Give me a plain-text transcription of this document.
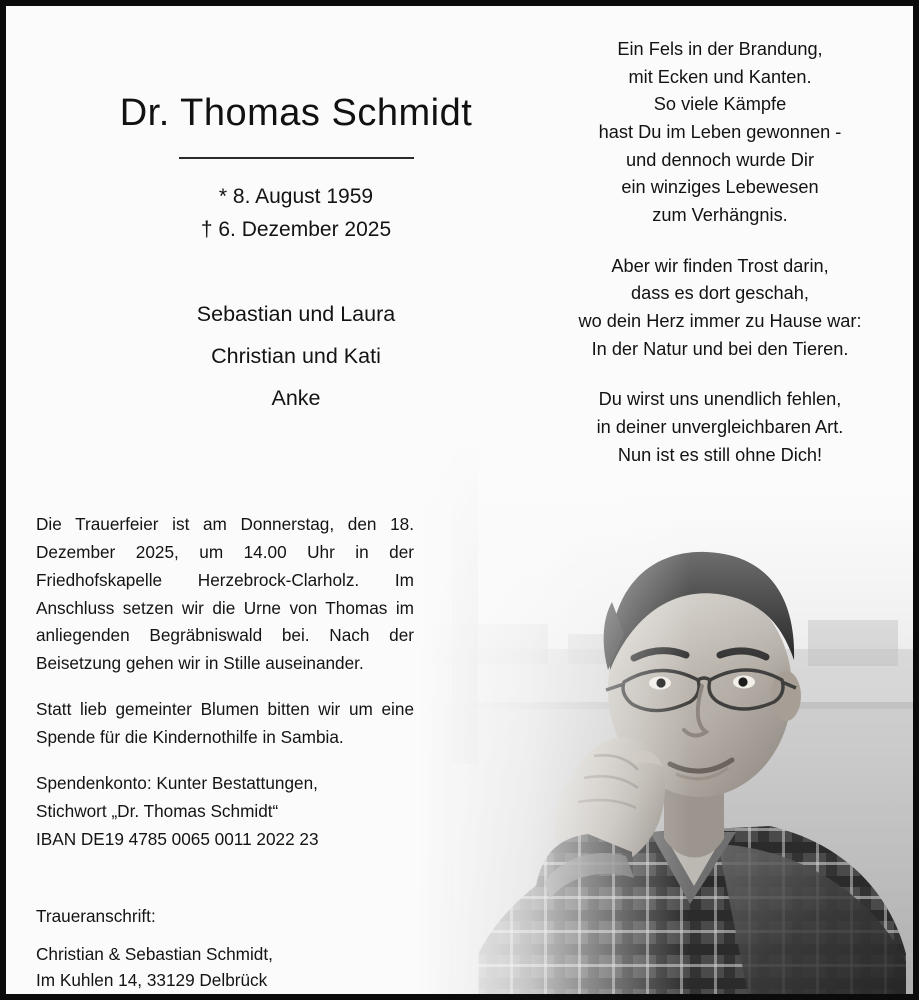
Dr. Thomas Schmidt
* 8. August 1959
† 6. Dezember 2025
Sebastian und Laura
Christian und Kati
Anke
Ein Fels in der Brandung,
mit Ecken und Kanten.
So viele Kämpfe
hast Du im Leben gewonnen -
und dennoch wurde Dir
ein winziges Lebewesen
zum Verhängnis.
Aber wir finden Trost darin,
dass es dort geschah,
wo dein Herz immer zu Hause war:
In der Natur und bei den Tieren.
Du wirst uns unendlich fehlen,
in deiner unvergleichbaren Art.
Nun ist es still ohne Dich!

Die Trauerfeier ist am Donnerstag, den 18. Dezember 2025, um 14.00 Uhr in der Friedhofskapelle Herzebrock-Clarholz. Im Anschluss setzen wir die Urne von Thomas im anliegenden Begräbniswald bei. Nach der Beisetzung gehen wir in Stille auseinander.

Statt lieb gemeinter Blumen bitten wir um eine Spende für die Kindernothilfe in Sambia.

Spendenkonto: Kunter Bestattungen,

Stichwort „Dr. Thomas Schmidt“

IBAN DE19 4785 0065 0011 2022 23

Traueranschrift:
Christian & Sebastian Schmidt,
Im Kuhlen 14, 33129 Delbrück
